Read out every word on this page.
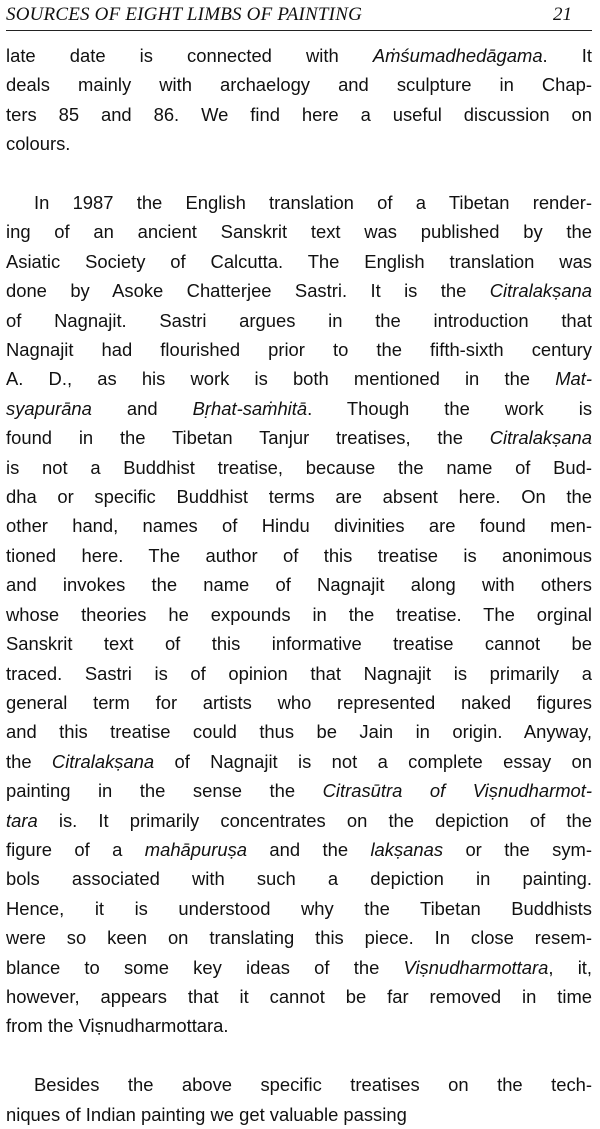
SOURCES OF EIGHT LIMBS OF PAINTING	21

late date is connected with Aṁśumadhedāgama. It
deals mainly with archaelogy and sculpture in Chap-
ters 85 and 86. We find here a useful discussion on
colours.

In 1987 the English translation of a Tibetan render-
ing of an ancient Sanskrit text was published by the
Asiatic Society of Calcutta. The English translation was
done by Asoke Chatterjee Sastri. It is the Citralakṣana
of Nagnajit. Sastri argues in the introduction that
Nagnajit had flourished prior to the fifth-sixth century
A. D., as his work is both mentioned in the Mat-
syapurāna and Bṛhat-saṁhitā. Though the work is
found in the Tibetan Tanjur treatises, the Citralakṣana
is not a Buddhist treatise, because the name of Bud-
dha or specific Buddhist terms are absent here. On the
other hand, names of Hindu divinities are found men-
tioned here. The author of this treatise is anonimous
and invokes the name of Nagnajit along with others
whose theories he expounds in the treatise. The orginal
Sanskrit text of this informative treatise cannot be
traced. Sastri is of opinion that Nagnajit is primarily a
general term for artists who represented naked figures
and this treatise could thus be Jain in origin. Anyway,
the Citralakṣana of Nagnajit is not a complete essay on
painting in the sense the Citrasūtra of Viṣnudharmot-
tara is. It primarily concentrates on the depiction of the
figure of a mahāpuruṣa and the lakṣanas or the sym-
bols associated with such a depiction in painting.
Hence, it is understood why the Tibetan Buddhists
were so keen on translating this piece. In close resem-
blance to some key ideas of the Viṣnudharmottara, it,
however, appears that it cannot be far removed in time
from the Viṣnudharmottara.

Besides the above specific treatises on the tech-
niques of Indian painting we get valuable passing
